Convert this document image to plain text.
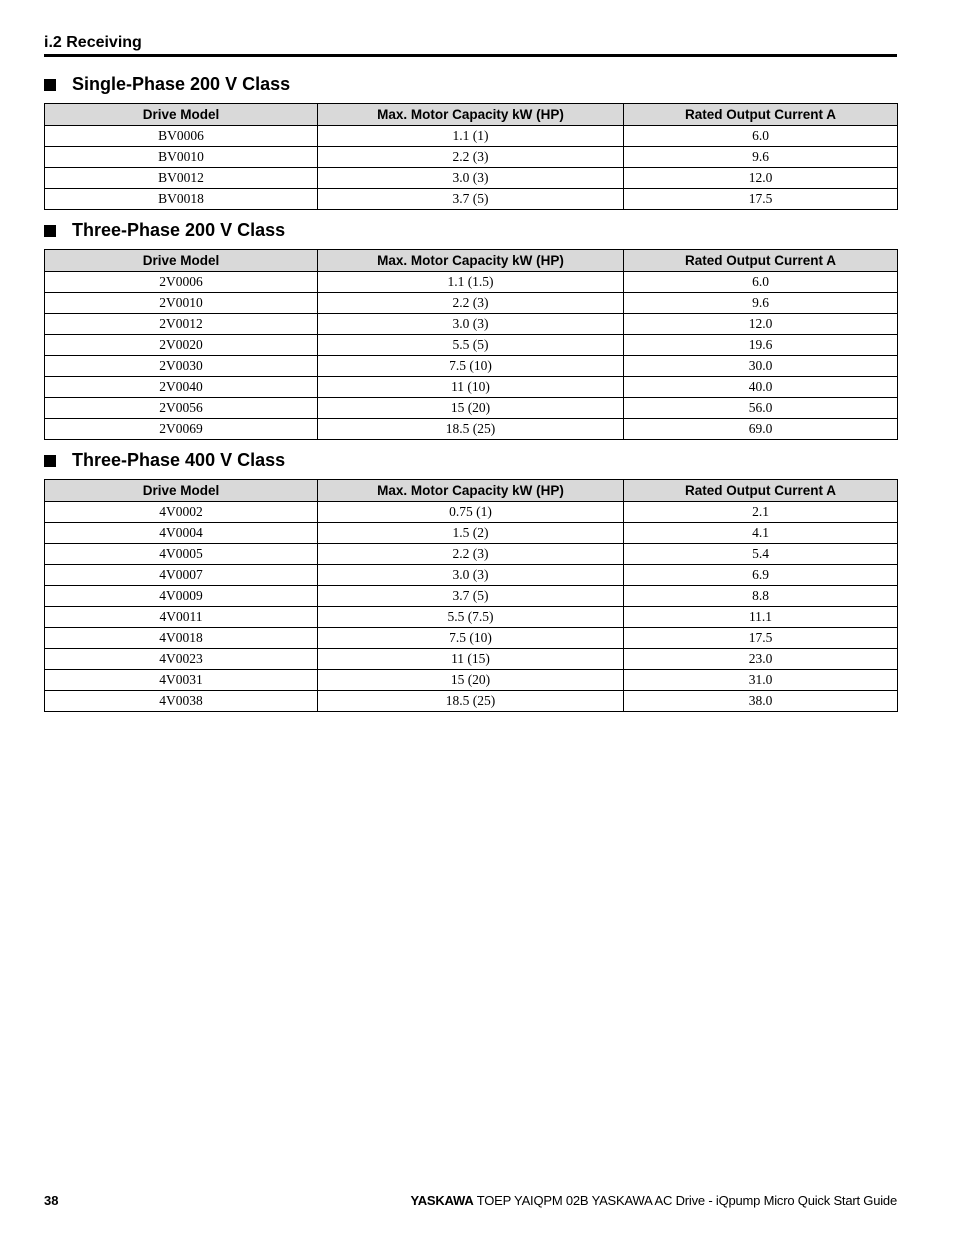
i.2 Receiving
Single-Phase 200 V Class
Drive Model	Max. Motor Capacity kW (HP)	Rated Output Current A
BV0006	1.1 (1)	6.0
BV0010	2.2 (3)	9.6
BV0012	3.0 (3)	12.0
BV0018	3.7 (5)	17.5
Three-Phase 200 V Class
Drive Model	Max. Motor Capacity kW (HP)	Rated Output Current A
2V0006	1.1 (1.5)	6.0
2V0010	2.2 (3)	9.6
2V0012	3.0 (3)	12.0
2V0020	5.5 (5)	19.6
2V0030	7.5 (10)	30.0
2V0040	11 (10)	40.0
2V0056	15 (20)	56.0
2V0069	18.5 (25)	69.0
Three-Phase 400 V Class
Drive Model	Max. Motor Capacity kW (HP)	Rated Output Current A
4V0002	0.75 (1)	2.1
4V0004	1.5 (2)	4.1
4V0005	2.2 (3)	5.4
4V0007	3.0 (3)	6.9
4V0009	3.7 (5)	8.8
4V0011	5.5 (7.5)	11.1
4V0018	7.5 (10)	17.5
4V0023	11 (15)	23.0
4V0031	15 (20)	31.0
4V0038	18.5 (25)	38.0
38	YASKAWA TOEP YAIQPM 02B YASKAWA AC Drive - iQpump Micro Quick Start Guide
